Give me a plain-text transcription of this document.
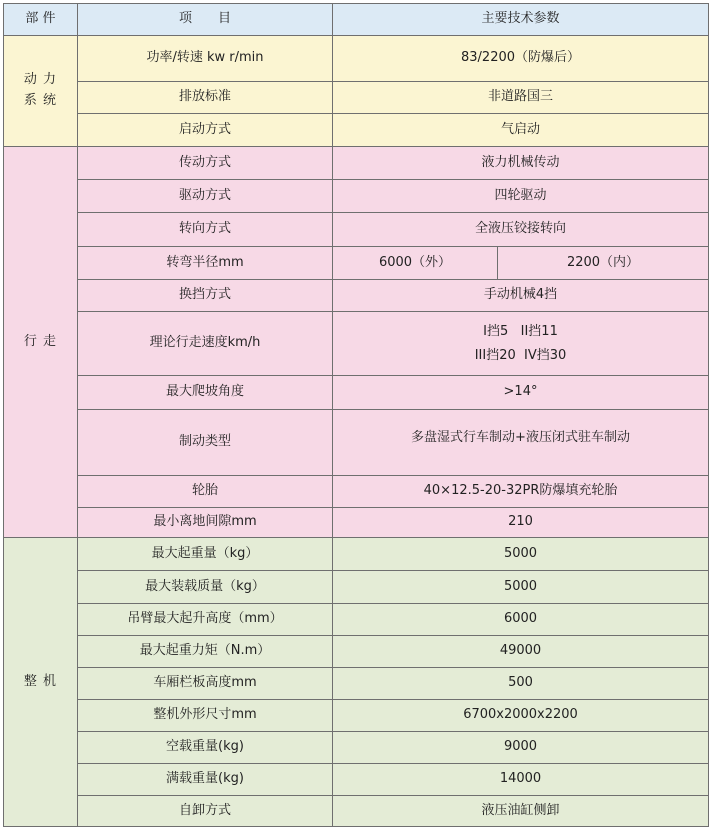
部 件	项　　目	主要技术参数	
动 力
系 统	功率/转速 kw r/min	83/2200（防爆后）	
	排放标准	非道路国三	
	启动方式	气启动	
行 走	传动方式	液力机械传动	
	驱动方式	四轮驱动	
	转向方式	全液压铰接转向	
	转弯半径mm	6000（外）	2200（内）
	换挡方式	手动机械4挡	
	理论行走速度km/h	I挡5   II挡11
III挡20  IV挡30	

	最大爬坡角度	>14°	
	制动类型	多盘湿式行车制动+液压闭式驻车制动	
	轮胎	40×12.5-20-32PR防爆填充轮胎	
	最小离地间隙mm	210	
整 机	最大起重量（kg）	5000	
	最大装载质量（kg）	5000	
	吊臂最大起升高度（mm）	6000	
	最大起重力矩（N.m）	49000	
	车厢栏板高度mm	500	
	整机外形尺寸mm	6700x2000x2200	
	空载重量(kg)	9000	
	满载重量(kg)	14000	
	自卸方式	液压油缸侧卸	
